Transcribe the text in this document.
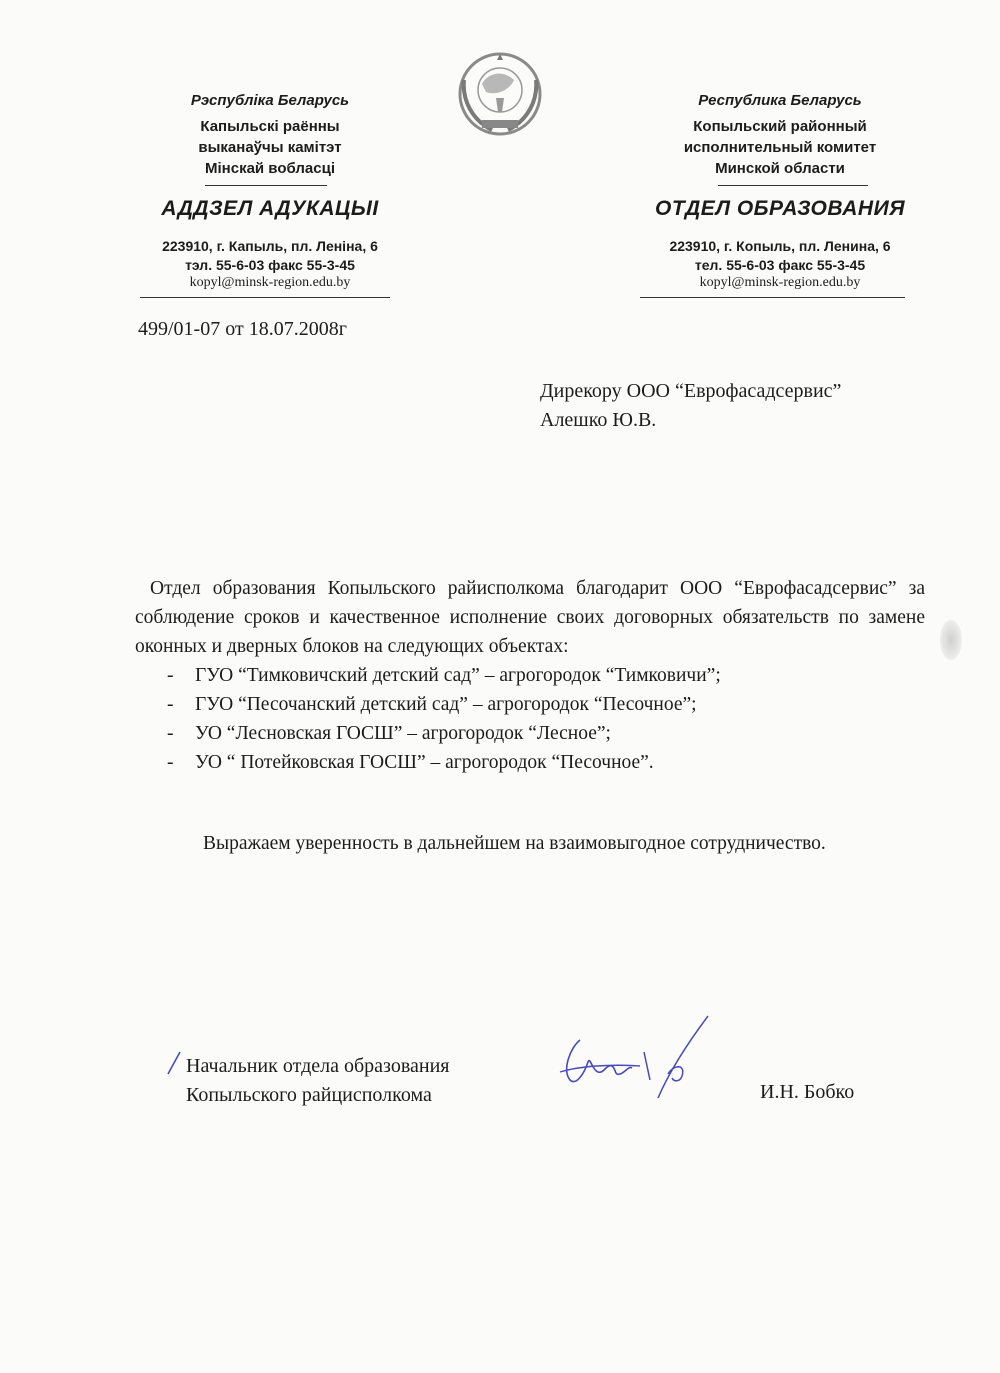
Рэспубліка Беларусь
Капыльскі раённы
выканаўчы камітэт
Мінскай вобласці
АДДЗЕЛ АДУКАЦЫІ
223910, г. Капыль, пл. Леніна, 6
тэл. 55-6-03 факс 55-3-45
kopyl@minsk-region.edu.by
Республика Беларусь
Копыльский районный
исполнительный комитет
Минской области
ОТДЕЛ ОБРАЗОВАНИЯ
223910, г. Копыль, пл. Ленина, 6
тел. 55-6-03 факс 55-3-45
kopyl@minsk-region.edu.by
499/01-07 от 18.07.2008г
Дирекору ООО “Еврофасадсервис”
Алешко Ю.В.

Отдел образования Копыльского райисполкома благодарит ООО “Еврофасадсервис” за соблюдение сроков и качественное исполнение своих договорных обязательств по замене оконных и дверных блоков на следующих объектах:

- ГУО “Тимковичский детский сад” – агрогородок “Тимковичи”;
- ГУО “Песочанский детский сад” – агрогородок “Песочное”;
- УО “Лесновская ГОСШ” – агрогородок “Лесное”;
- УО “ Потейковская ГОСШ” – агрогородок “Песочное”.

Выражаем уверенность в дальнейшем на взаимовыгодное сотрудничество.

Начальник отдела образования
Копыльского райцисполкома	И.Н. Бобко
